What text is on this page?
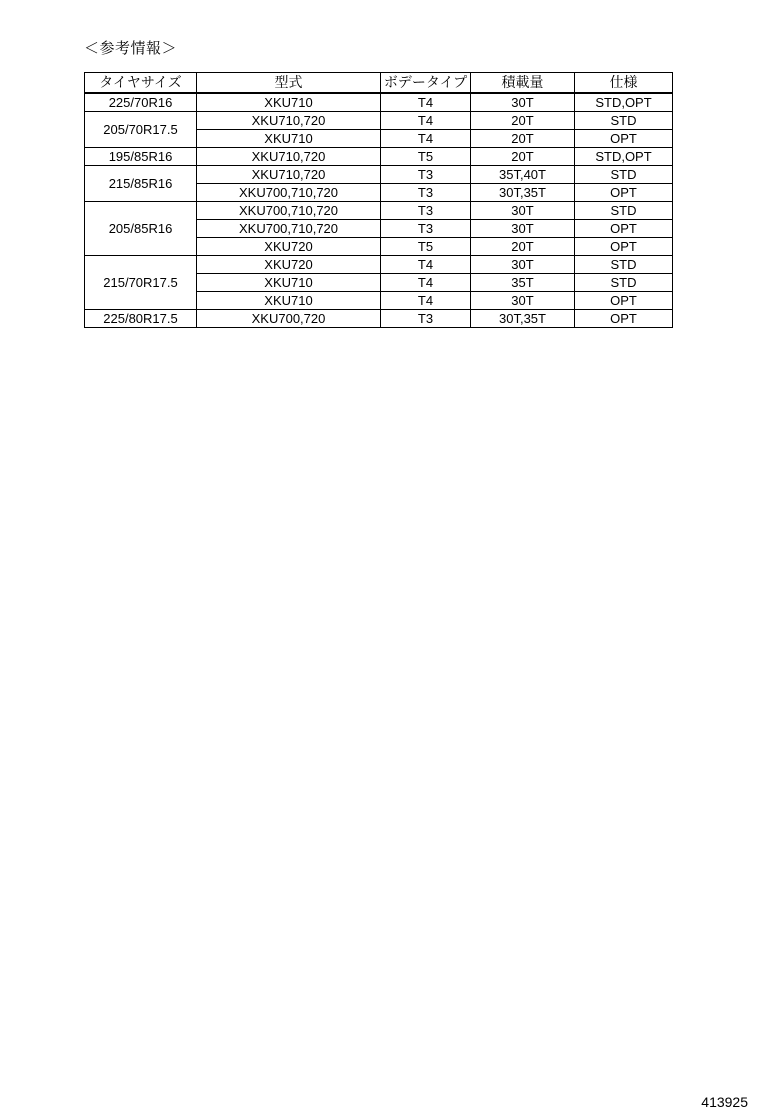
＜参考情報＞
タイヤサイズ	型式	ボデータイプ	積載量	仕様
225/70R16	XKU710	T4	30T	STD,OPT
205/70R17.5	XKU710,720	T4	20T	STD
	XKU710	T4	20T	OPT
195/85R16	XKU710,720	T5	20T	STD,OPT
215/85R16	XKU710,720	T3	35T,40T	STD
	XKU700,710,720	T3	30T,35T	OPT
205/85R16	XKU700,710,720	T3	30T	STD
	XKU700,710,720	T3	30T	OPT
	XKU720	T5	20T	OPT
215/70R17.5	XKU720	T4	30T	STD
	XKU710	T4	35T	STD
	XKU710	T4	30T	OPT
225/80R17.5	XKU700,720	T3	30T,35T	OPT
413925
